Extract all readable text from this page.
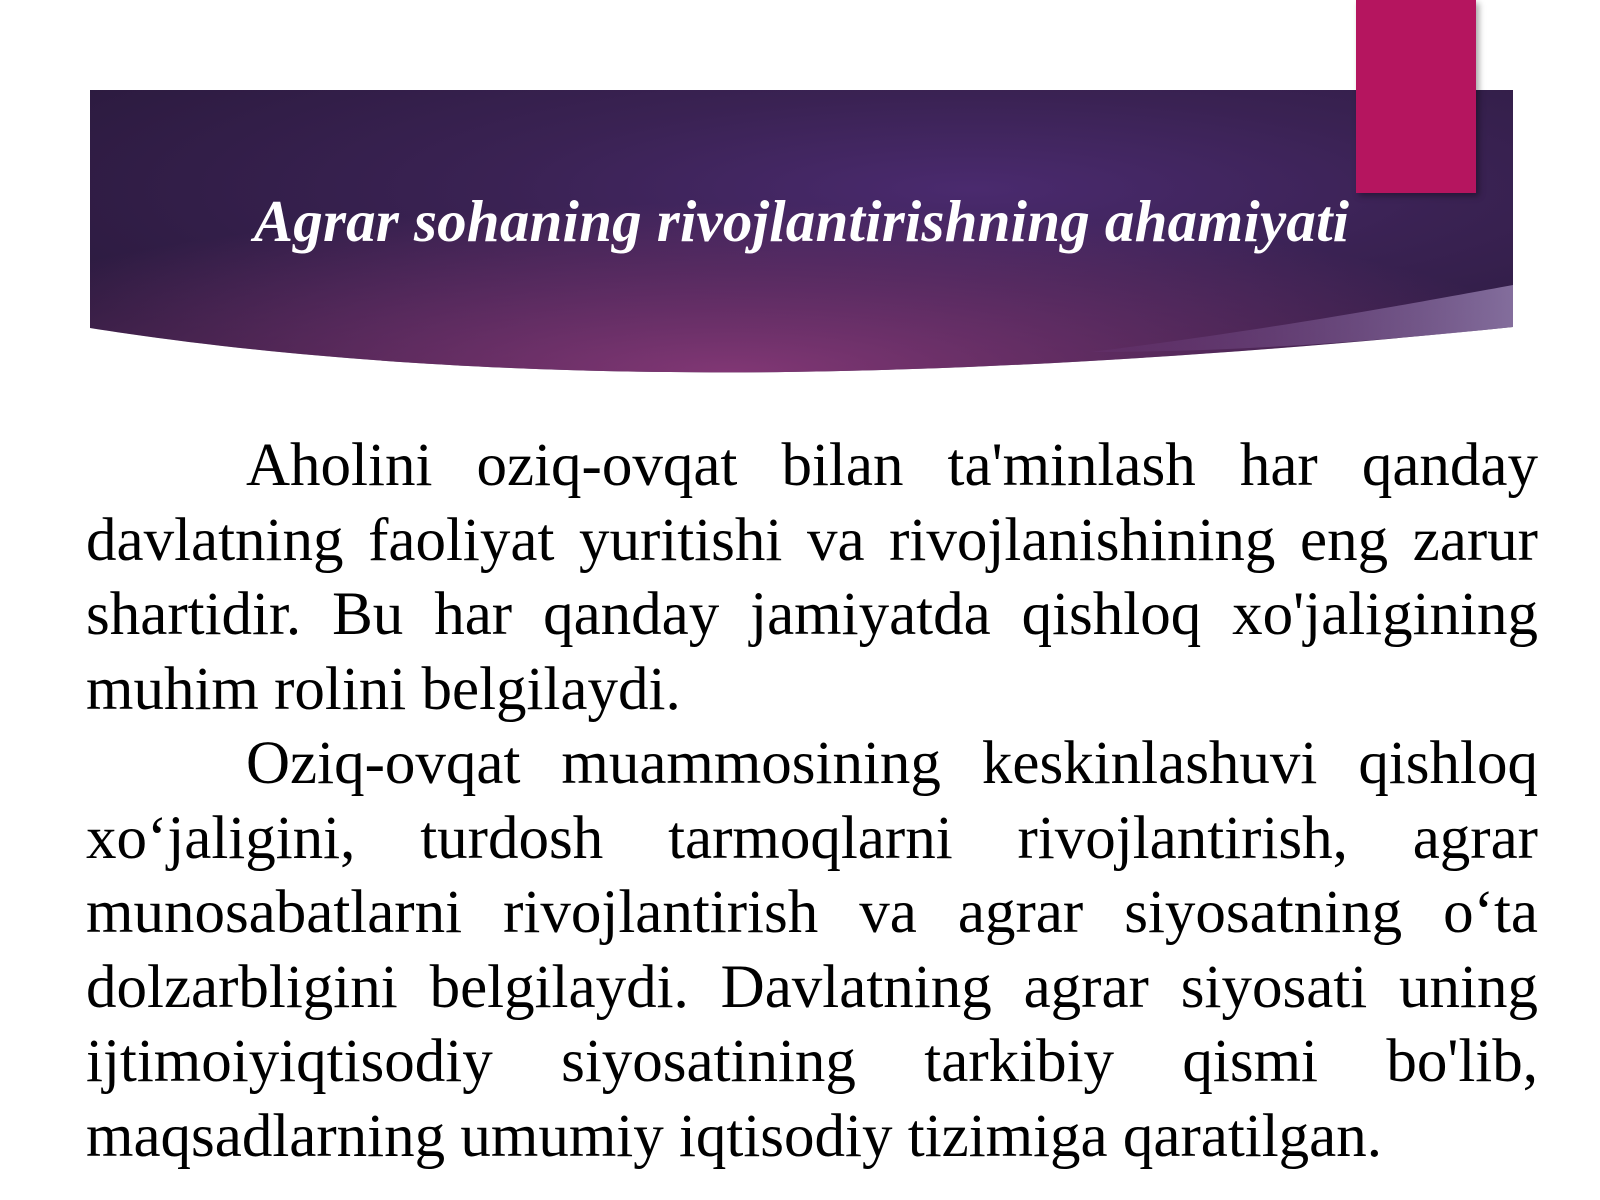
Agrar sohaning rivojlantirishning ahamiyati

Aholini oziq-ovqat bilan ta'minlash har qanday davlatning faoliyat yuritishi va rivojlanishining eng zarur shartidir. Bu har qanday jamiyatda qishloq xo'jaligining muhim rolini belgilaydi.

Oziq-ovqat muammosining keskinlashuvi qishloq xo‘jaligini, turdosh tarmoqlarni rivojlantirish, agrar munosabatlarni rivojlantirish va agrar siyosatning o‘ta dolzarbligini belgilaydi. Davlatning agrar siyosati uning ijtimoiyiqtisodiy siyosatining tarkibiy qismi bo'lib, maqsadlarning umumiy iqtisodiy tizimiga qaratilgan.
